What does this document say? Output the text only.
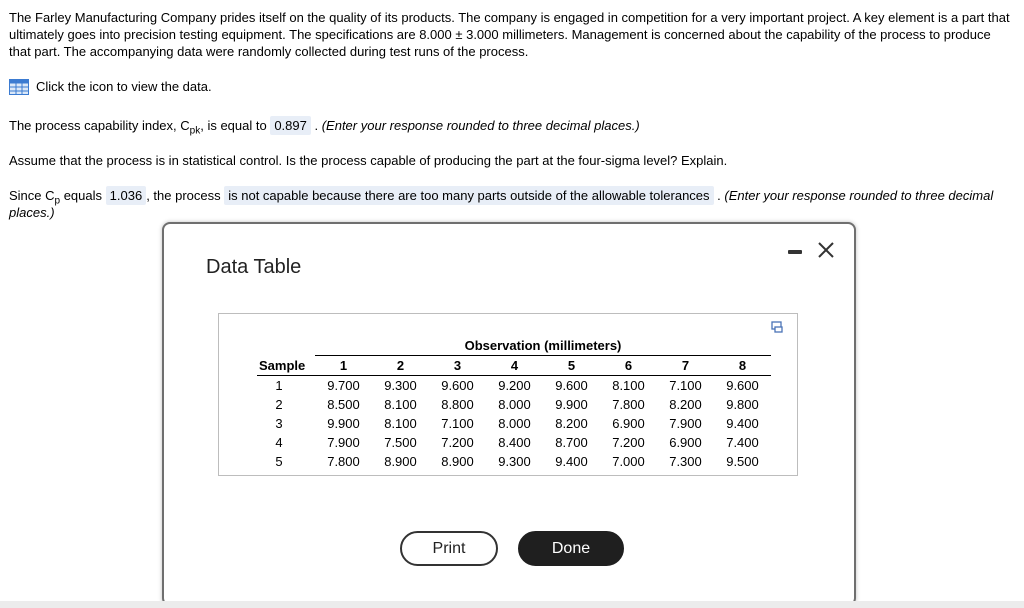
The Farley Manufacturing Company prides itself on the quality of its products. The company is engaged in competition for a very important project. A key element is a part that ultimately goes into precision testing equipment. The specifications are 8.000 ± 3.000 millimeters. Management is concerned about the capability of the process to produce that part. The accompanying data were randomly collected during test runs of the process.

Click the icon to view the data.

The process capability index, $C_{pk}$, is equal to 0.897 . (Enter your response rounded to three decimal places.)

Assume that the process is in statistical control. Is the process capable of producing the part at the four-sigma level? Explain.

Since $C_p$ equals 1.036 , the process is not capable because there are too many parts outside of the allowable tolerances . (Enter your response rounded to three decimal places.)

Data Table
	Observation (millimeters)							
Sample	1	2	3	4	5	6	7	8
1	9.700	9.300	9.600	9.200	9.600	8.100	7.100	9.600
2	8.500	8.100	8.800	8.000	9.900	7.800	8.200	9.800
3	9.900	8.100	7.100	8.000	8.200	6.900	7.900	9.400
4	7.900	7.500	7.200	8.400	8.700	7.200	6.900	7.400
5	7.800	8.900	8.900	9.300	9.400	7.000	7.300	9.500
Print	Done
